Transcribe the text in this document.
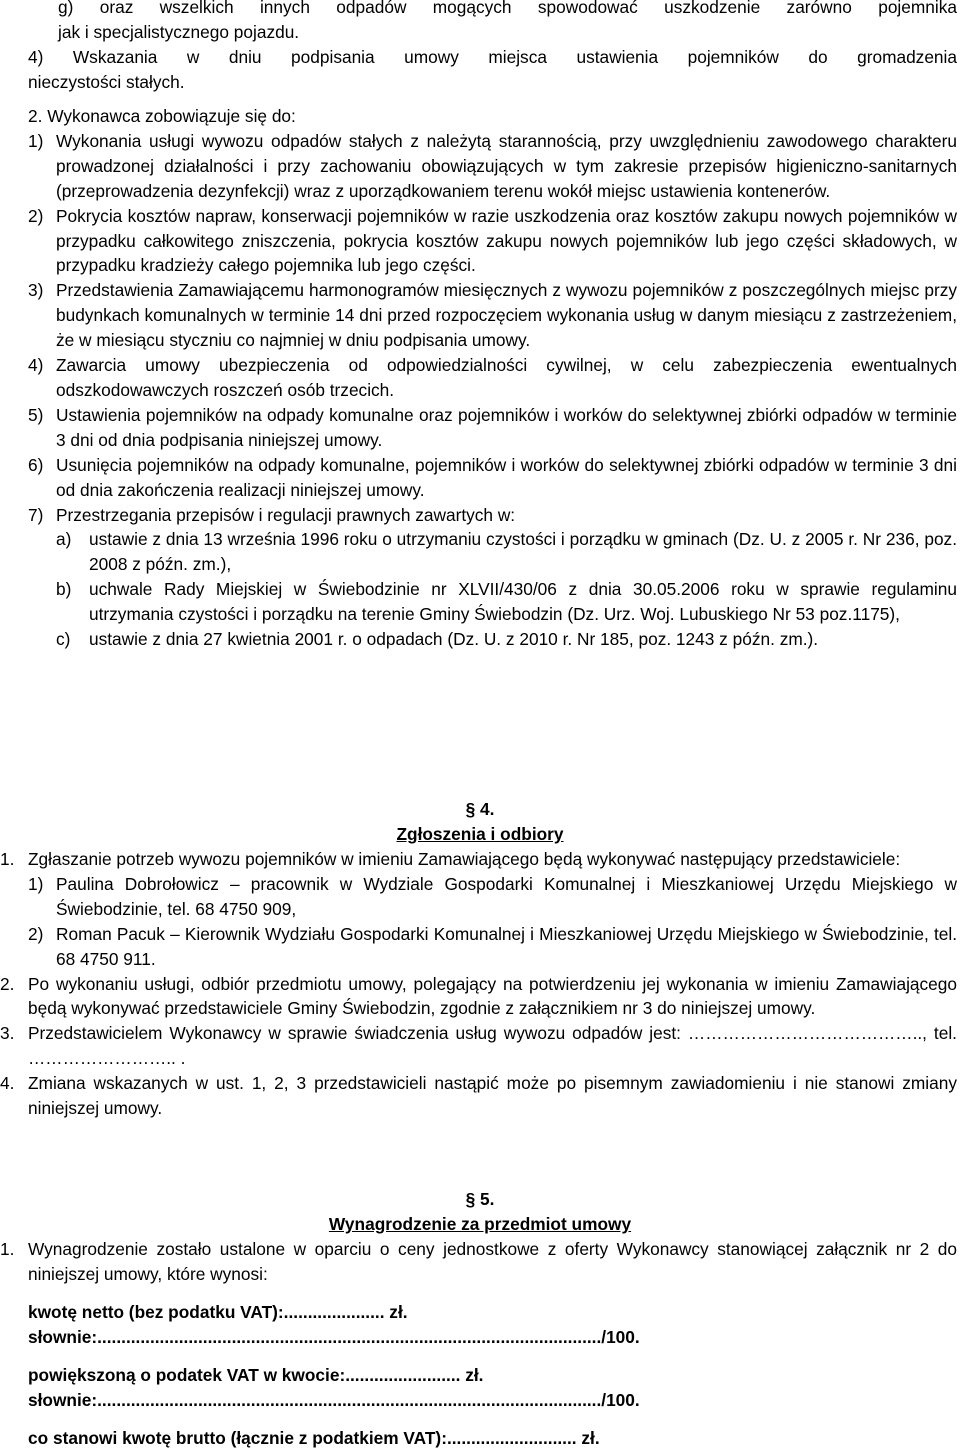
g) oraz wszelkich innych odpadów mogących spowodować uszkodzenie zarówno pojemnika
jak i specjalistycznego pojazdu.
4) Wskazania w dniu podpisania umowy miejsca ustawienia pojemników do gromadzenia
nieczystości stałych.
2. Wykonawca zobowiązuje się do:
1) Wykonania usługi wywozu odpadów stałych z należytą starannością, przy uwzględnieniu zawodowego charakteru prowadzonej działalności i przy zachowaniu obowiązujących w tym zakresie przepisów higieniczno-sanitarnych (przeprowadzenia dezynfekcji) wraz z uporządkowaniem terenu wokół miejsc ustawienia kontenerów.
2) Pokrycia kosztów napraw, konserwacji pojemników w razie uszkodzenia oraz kosztów zakupu nowych pojemników w przypadku całkowitego zniszczenia, pokrycia kosztów zakupu nowych pojemników lub jego części składowych, w przypadku kradzieży całego pojemnika lub jego części.
3) Przedstawienia Zamawiającemu harmonogramów miesięcznych z wywozu pojemników z poszczególnych miejsc przy budynkach komunalnych w terminie 14 dni przed rozpoczęciem wykonania usług w danym miesiącu z zastrzeżeniem, że w miesiącu styczniu co najmniej w dniu podpisania umowy.
4) Zawarcia umowy ubezpieczenia od odpowiedzialności cywilnej, w celu zabezpieczenia ewentualnych odszkodowawczych roszczeń osób trzecich.
5) Ustawienia pojemników na odpady komunalne oraz pojemników i worków do selektywnej zbiórki odpadów w terminie 3 dni od dnia podpisania niniejszej umowy.
6) Usunięcia pojemników na odpady komunalne, pojemników i worków do selektywnej zbiórki odpadów w terminie 3 dni od dnia zakończenia realizacji niniejszej umowy.
7) Przestrzegania przepisów i regulacji prawnych zawartych w:
a) ustawie z dnia 13 września 1996 roku o utrzymaniu czystości i porządku w gminach (Dz. U. z 2005 r. Nr 236, poz. 2008 z późn. zm.),
b) uchwale Rady Miejskiej w Świebodzinie nr XLVII/430/06 z dnia 30.05.2006 roku w sprawie regulaminu utrzymania czystości i porządku na terenie Gminy Świebodzin (Dz. Urz. Woj. Lubuskiego Nr 53 poz.1175),
c) ustawie z dnia 27 kwietnia 2001 r. o odpadach (Dz. U. z 2010 r. Nr 185, poz. 1243 z późn. zm.).
§ 4.
Zgłoszenia i odbiory
1. Zgłaszanie potrzeb wywozu pojemników w imieniu Zamawiającego będą wykonywać następujący przedstawiciele:
1) Paulina Dobrołowicz – pracownik w Wydziale Gospodarki Komunalnej i Mieszkaniowej Urzędu Miejskiego w Świebodzinie, tel. 68 4750 909,
2) Roman Pacuk – Kierownik Wydziału Gospodarki Komunalnej i Mieszkaniowej Urzędu Miejskiego w Świebodzinie, tel. 68 4750 911.
2. Po wykonaniu usługi, odbiór przedmiotu umowy, polegający na potwierdzeniu jej wykonania w imieniu Zamawiającego będą wykonywać przedstawiciele Gminy Świebodzin, zgodnie z załącznikiem nr 3 do niniejszej umowy.
3. Przedstawicielem Wykonawcy w sprawie świadczenia usług wywozu odpadów jest: ………………………………….., tel. …………………….. .
4. Zmiana wskazanych w ust. 1, 2, 3 przedstawicieli nastąpić może po pisemnym zawiadomieniu i nie stanowi zmiany niniejszej umowy.
§ 5.
Wynagrodzenie za przedmiot umowy
1. Wynagrodzenie zostało ustalone w oparciu o ceny jednostkowe z oferty Wykonawcy stanowiącej załącznik nr 2 do niniejszej umowy, które wynosi:
kwotę netto (bez podatku VAT):..................... zł.
słownie:........................................................................................................./100.
powiększoną o podatek VAT w kwocie:........................ zł.
słownie:........................................................................................................./100.
co stanowi kwotę brutto (łącznie z podatkiem VAT):........................... zł.
